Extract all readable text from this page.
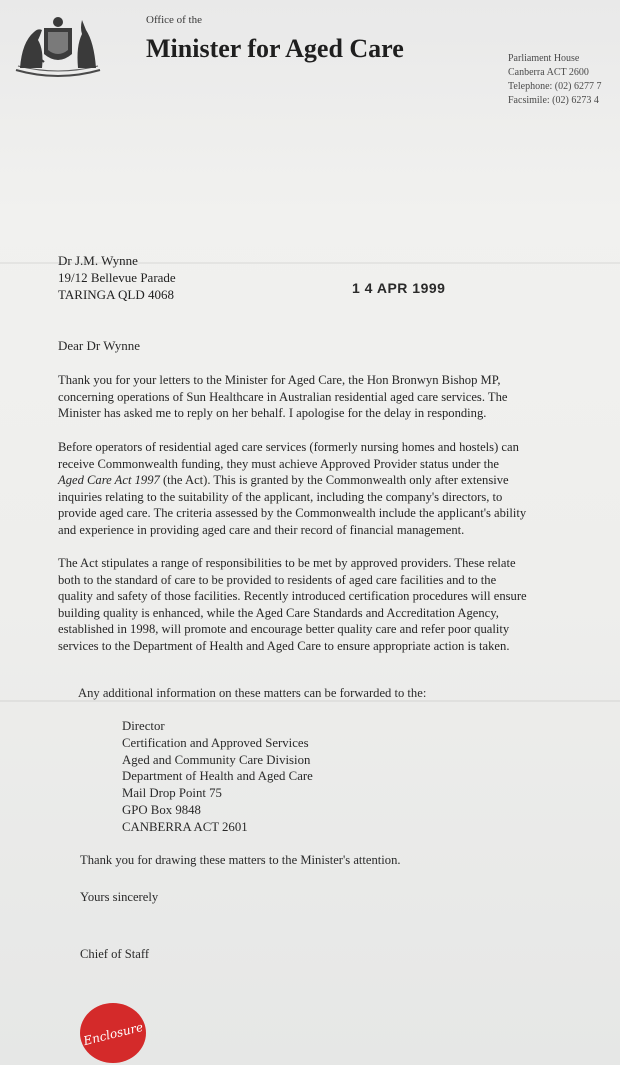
Office of the
Minister for Aged Care	Parliament House
Canberra ACT 2600
Telephone: (02) 6277 7
Facsimile: (02) 6273 4
Dr J.M. Wynne
19/12 Bellevue Parade
TARINGA QLD 4068	1 4 APR 1999
Dear Dr Wynne
Thank you for your letters to the Minister for Aged Care, the Hon Bronwyn Bishop MP,
concerning operations of Sun Healthcare in Australian residential aged care services. The
Minister has asked me to reply on her behalf. I apologise for the delay in responding.
Before operators of residential aged care services (formerly nursing homes and hostels) can
receive Commonwealth funding, they must achieve Approved Provider status under the
Aged Care Act 1997 (the Act). This is granted by the Commonwealth only after extensive
inquiries relating to the suitability of the applicant, including the company's directors, to
provide aged care. The criteria assessed by the Commonwealth include the applicant's ability
and experience in providing aged care and their record of financial management.
The Act stipulates a range of responsibilities to be met by approved providers. These relate
both to the standard of care to be provided to residents of aged care facilities and to the
quality and safety of those facilities. Recently introduced certification procedures will ensure
building quality is enhanced, while the Aged Care Standards and Accreditation Agency,
established in 1998, will promote and encourage better quality care and refer poor quality
services to the Department of Health and Aged Care to ensure appropriate action is taken.
Any additional information on these matters can be forwarded to the:
Director
Certification and Approved Services
Aged and Community Care Division
Department of Health and Aged Care
Mail Drop Point 75
GPO Box 9848
CANBERRA ACT 2601
Thank you for drawing these matters to the Minister's attention.
Yours sincerely
Chief of Staff
Enclosure
